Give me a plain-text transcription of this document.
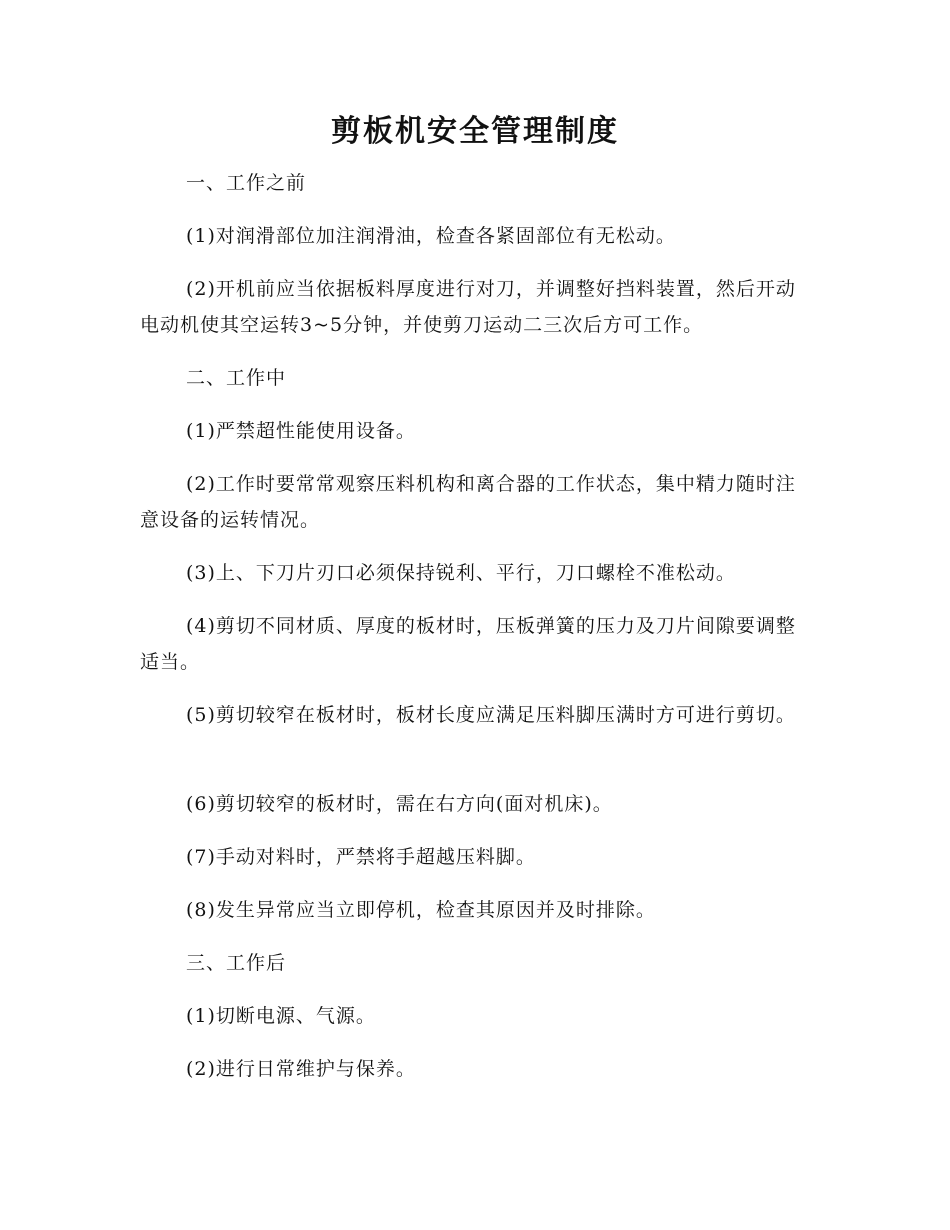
剪板机安全管理制度
一、工作之前
(1)对润滑部位加注润滑油，检查各紧固部位有无松动。
(2)开机前应当依据板料厚度进行对刀，并调整好挡料装置，然后开动电动机使其空运转3~5分钟，并使剪刀运动二三次后方可工作。
二、工作中
(1)严禁超性能使用设备。
(2)工作时要常常观察压料机构和离合器的工作状态，集中精力随时注意设备的运转情况。
(3)上、下刀片刃口必须保持锐利、平行，刀口螺栓不准松动。
(4)剪切不同材质、厚度的板材时，压板弹簧的压力及刀片间隙要调整适当。
(5)剪切较窄在板材时，板材长度应满足压料脚压满时方可进行剪切。
(6)剪切较窄的板材时，需在右方向(面对机床)。
(7)手动对料时，严禁将手超越压料脚。
(8)发生异常应当立即停机，检查其原因并及时排除。
三、工作后
(1)切断电源、气源。
(2)进行日常维护与保养。
